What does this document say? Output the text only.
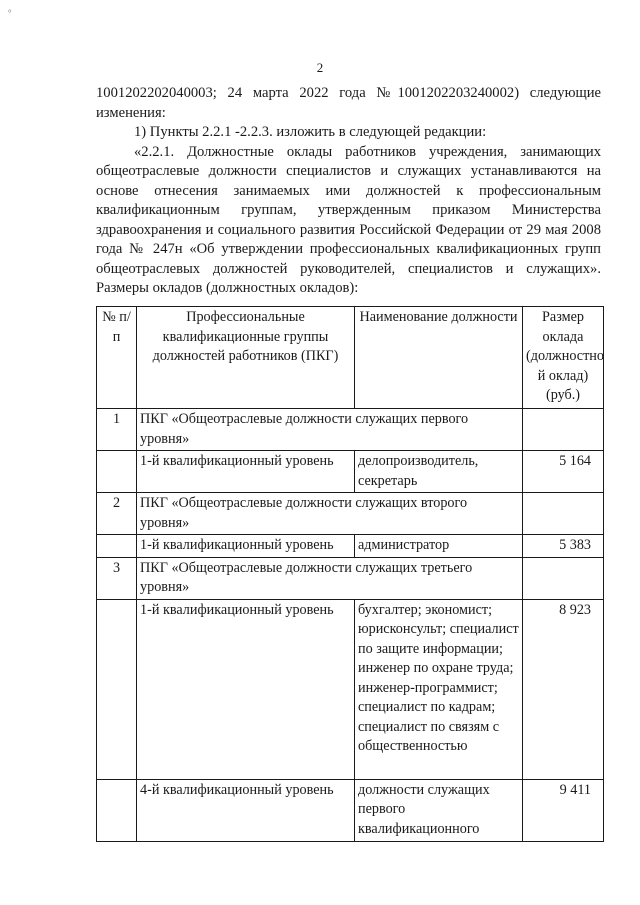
°
2

1001202202040003; 24 марта 2022 года №1001202203240002) следующие

изменения:

1) Пункты 2.2.1 -2.2.3. изложить в следующей редакции:

«2.2.1. Должностные оклады работников учреждения, занимающих общеотраслевые должности специалистов и служащих устанавливаются на основе отнесения занимаемых ими должностей к профессиональным квалификационным группам, утвержденным приказом Министерства здравоохранения и социального развития Российской Федерации от 29 мая 2008 года № 247н «Об утверждении профессиональных квалификационных групп общеотраслевых должностей руководителей, специалистов и служащих». Размеры окладов (должностных окладов):

№ п/п	Профессиональные квалификационные группы должностей работников (ПКГ)	Наименование должности	Размер оклада (должностно й оклад) (руб.)
1	ПКГ «Общеотраслевые должности служащих первого уровня»		
	1-й квалификационный уровень	делопроизводитель, секретарь	5 164
2	ПКГ «Общеотраслевые должности служащих второго уровня»		
	1-й квалификационный уровень	администратор	5 383
3	ПКГ «Общеотраслевые должности служащих третьего уровня»		
	1-й квалификационный уровень	бухгалтер; экономист; юрисконсульт; специалист по защите информации; инженер по охране труда; инженер-программист; специалист по кадрам; специалист по связям с общественностью	8 923
	4-й квалификационный уровень	должности служащих первого квалификационного	9 411
